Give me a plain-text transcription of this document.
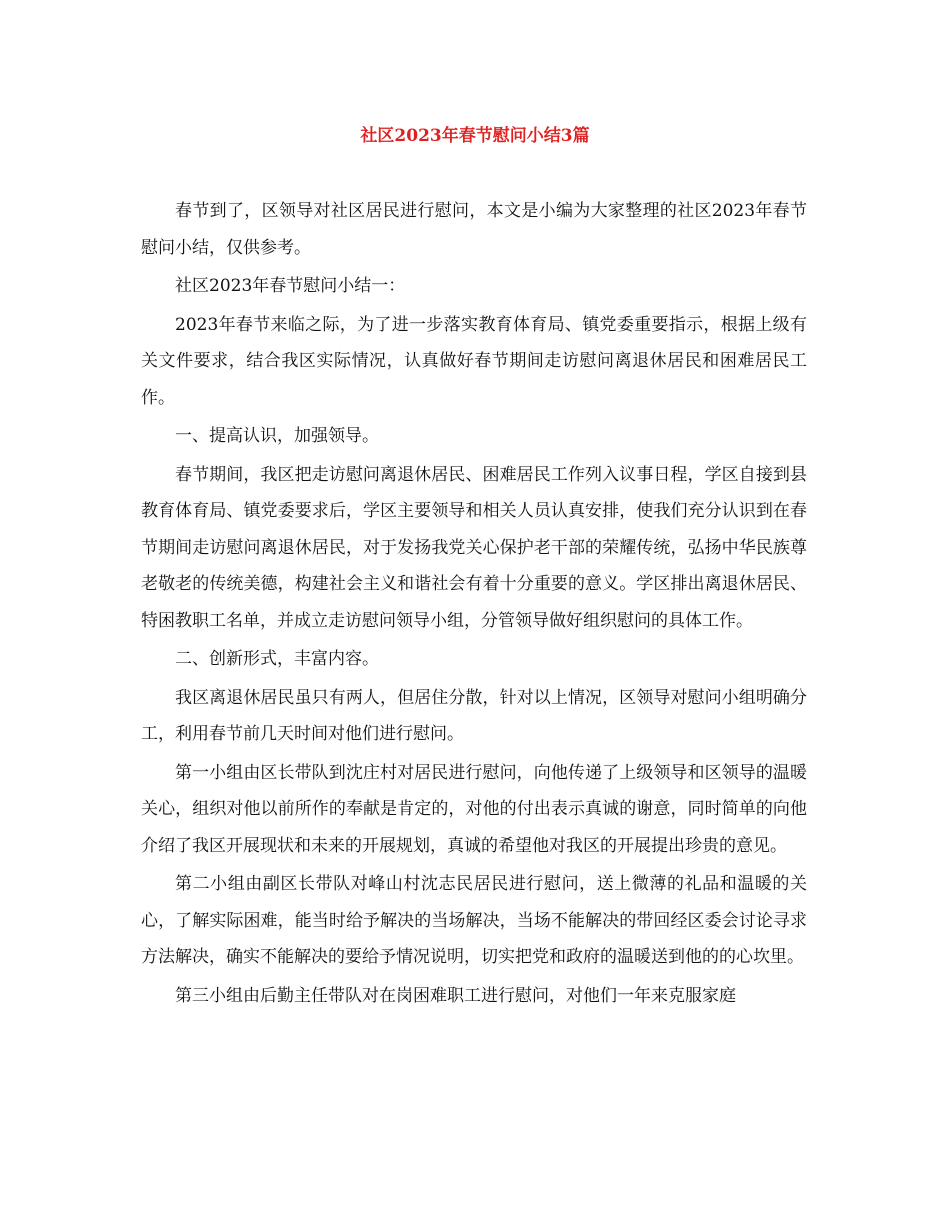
社区2023年春节慰问小结3篇

春节到了，区领导对社区居民进行慰问，本文是小编为大家整理的社区2023年春节慰问小结，仅供参考。

社区2023年春节慰问小结一：

2023年春节来临之际，为了进一步落实教育体育局、镇党委重要指示，根据上级有关文件要求，结合我区实际情况，认真做好春节期间走访慰问离退休居民和困难居民工作。

一、提高认识，加强领导。

春节期间，我区把走访慰问离退休居民、困难居民工作列入议事日程，学区自接到县教育体育局、镇党委要求后，学区主要领导和相关人员认真安排，使我们充分认识到在春节期间走访慰问离退休居民，对于发扬我党关心保护老干部的荣耀传统，弘扬中华民族尊老敬老的传统美德，构建社会主义和谐社会有着十分重要的意义。学区排出离退休居民、特困教职工名单，并成立走访慰问领导小组，分管领导做好组织慰问的具体工作。

二、创新形式，丰富内容。

我区离退休居民虽只有两人，但居住分散，针对以上情况，区领导对慰问小组明确分工，利用春节前几天时间对他们进行慰问。

第一小组由区长带队到沈庄村对居民进行慰问，向他传递了上级领导和区领导的温暖关心，组织对他以前所作的奉献是肯定的，对他的付出表示真诚的谢意，同时简单的向他介绍了我区开展现状和未来的开展规划，真诚的希望他对我区的开展提出珍贵的意见。

第二小组由副区长带队对峰山村沈志民居民进行慰问，送上微薄的礼品和温暖的关心，了解实际困难，能当时给予解决的当场解决，当场不能解决的带回经区委会讨论寻求方法解决，确实不能解决的要给予情况说明，切实把党和政府的温暖送到他的的心坎里。

第三小组由后勤主任带队对在岗困难职工进行慰问，对他们一年来克服家庭
